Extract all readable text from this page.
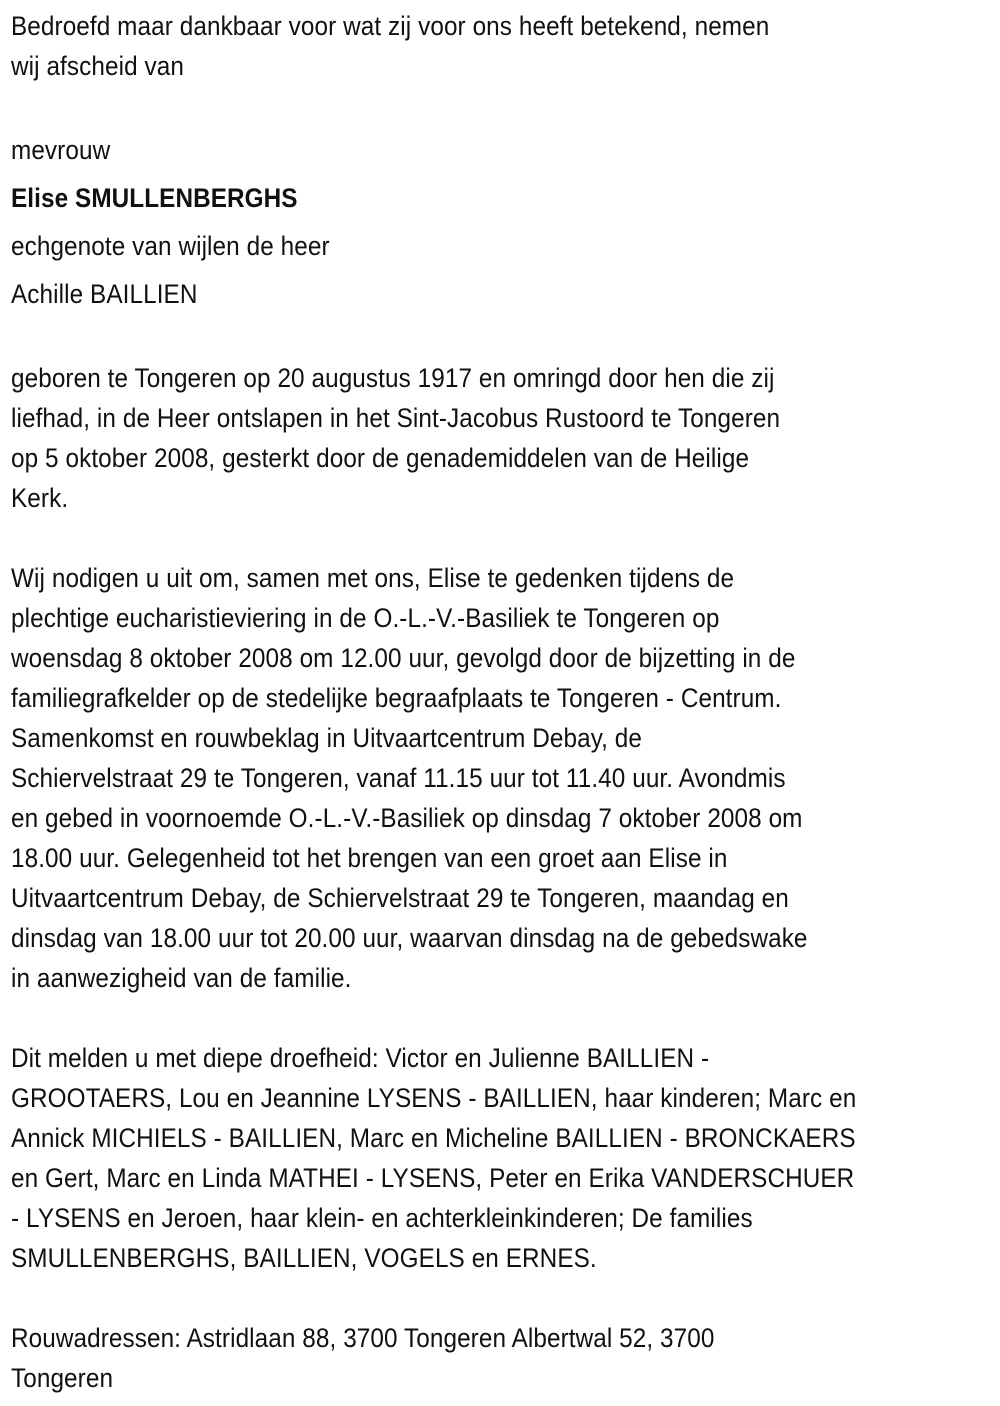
Bedroefd maar dankbaar voor wat zij voor ons heeft betekend, nemen
wij afscheid van
mevrouw
Elise SMULLENBERGHS
echgenote van wijlen de heer
Achille BAILLIEN
geboren te Tongeren op 20 augustus 1917 en omringd door hen die zij
liefhad, in de Heer ontslapen in het Sint-Jacobus Rustoord te Tongeren
op 5 oktober 2008, gesterkt door de genademiddelen van de Heilige
Kerk.
Wij nodigen u uit om, samen met ons, Elise te gedenken tijdens de
plechtige eucharistieviering in de O.-L.-V.-Basiliek te Tongeren op
woensdag 8 oktober 2008 om 12.00 uur, gevolgd door de bijzetting in de
familiegrafkelder op de stedelijke begraafplaats te Tongeren - Centrum.
Samenkomst en rouwbeklag in Uitvaartcentrum Debay, de
Schiervelstraat 29 te Tongeren, vanaf 11.15 uur tot 11.40 uur. Avondmis
en gebed in voornoemde O.-L.-V.-Basiliek op dinsdag 7 oktober 2008 om
18.00 uur. Gelegenheid tot het brengen van een groet aan Elise in
Uitvaartcentrum Debay, de Schiervelstraat 29 te Tongeren, maandag en
dinsdag van 18.00 uur tot 20.00 uur, waarvan dinsdag na de gebedswake
in aanwezigheid van de familie.
Dit melden u met diepe droefheid: Victor en Julienne BAILLIEN -
GROOTAERS, Lou en Jeannine LYSENS - BAILLIEN, haar kinderen; Marc en
Annick MICHIELS - BAILLIEN, Marc en Micheline BAILLIEN - BRONCKAERS
en Gert, Marc en Linda MATHEI - LYSENS, Peter en Erika VANDERSCHUER
- LYSENS en Jeroen, haar klein- en achterkleinkinderen; De families
SMULLENBERGHS, BAILLIEN, VOGELS en ERNES.
Rouwadressen: Astridlaan 88, 3700 Tongeren Albertwal 52, 3700
Tongeren
